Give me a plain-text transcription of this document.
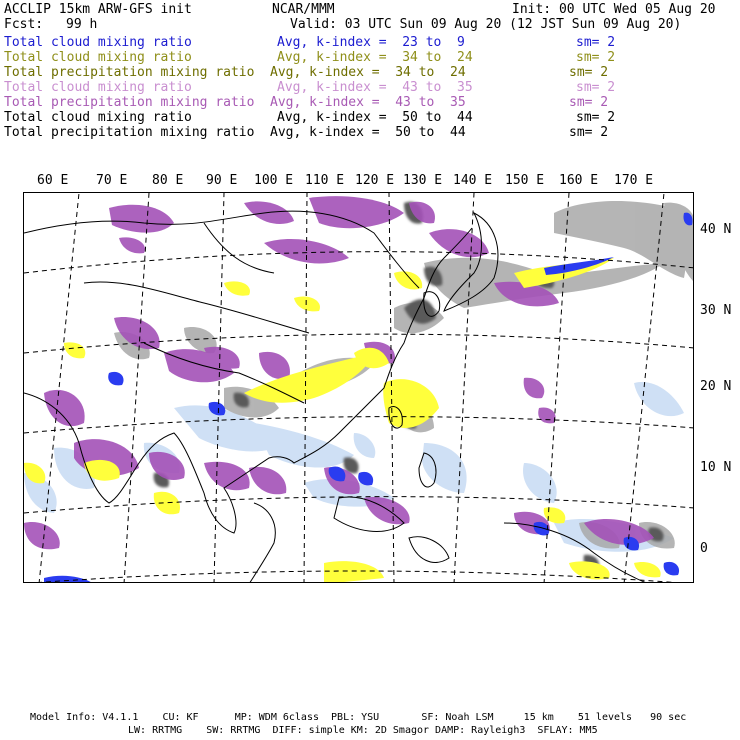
ACCLIP 15km ARW-GFS init	NCAR/MMM	Init: 00 UTC Wed 05 Aug 20
Fcst: 99 h	Valid: 03 UTC Sun 09 Aug 20 (12 JST Sun 09 Aug 20)
Total cloud mixing ratio	Avg, k-index =  23 to  9	sm= 2
Total cloud mixing ratio	Avg, k-index =  34 to  24	sm= 2
Total precipitation mixing ratio Avg, k-index =  34 to  24	sm= 2
Total cloud mixing ratio	Avg, k-index =  43 to  35	sm= 2
Total precipitation mixing ratio Avg, k-index =  43 to  35	sm= 2
Total cloud mixing ratio	Avg, k-index =  50 to  44	sm= 2
Total precipitation mixing ratio Avg, k-index =  50 to  44	sm= 2
60 E 70 E 80 E 90 E 100 E 110 E 120 E 130 E 140 E 150 E 160 E 170 E
40 N
30 N
20 N
10 N
0
Model Info: V4.1.1    CU: KF      MP: WDM 6class  PBL: YSU       SF: Noah LSM     15 km    51 levels   90 sec
LW: RRTMG    SW: RRTMG  DIFF: simple KM: 2D Smagor DAMP: Rayleigh3  SFLAY: MM5
